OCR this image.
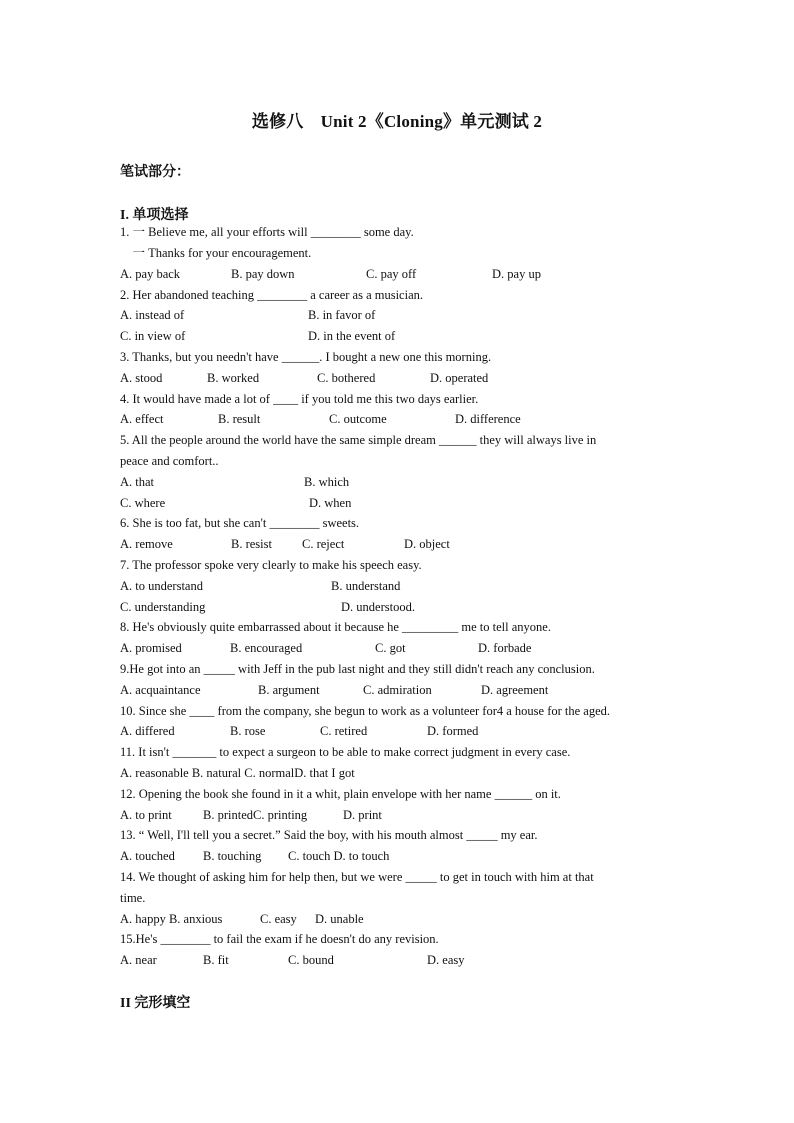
选修八　Unit 2《Cloning》单元测试 2
笔试部分：
I. 单项选择
1. 一 Believe me, all your efforts will ________ some day.
　一 Thanks for your encouragement.
A. pay back	B. pay down	C. pay off	D. pay up
2. Her abandoned teaching ________ a career as a musician.
A. instead of	B. in favor of
C. in view of	D. in the event of
3. Thanks, but you needn't have ______. I bought a new one this morning.
A. stood	B. worked	C. bothered	D. operated
4. It would have made a lot of ____ if you told me this two days earlier.
A. effect	B. result	C. outcome	D. difference
5. All the people around the world have the same simple dream ______ they will always live in
peace and comfort..
A. that	B. which
C. where	D. when
6. She is too fat, but she can't ________ sweets.
A. remove	B. resist C. reject	D. object
7. The professor spoke very clearly to make his speech easy.
A. to understand	B. understand
C. understanding	D. understood.
8. He's obviously quite embarrassed about it because he _________ me to tell anyone.
A. promised	B. encouraged	C. got	D. forbade
9.He got into an _____ with Jeff in the pub last night and they still didn't reach any conclusion.
A. acquaintance	B. argument	C. admiration	D. agreement
10. Since she ____ from the company, she begun to work as a volunteer for4 a house for the aged.
A. differed	B. rose	C. retired	D. formed
11. It isn't _______ to expect a surgeon to be able to make correct judgment in every case.
A. reasonable B. natural C. normalD. that I got
12. Opening the book she found in it a whit, plain envelope with her name ______ on it.
A. to print	B. printedC. printing	D. print
13. “ Well, I'll tell you a secret.” Said the boy, with his mouth almost _____ my ear.
A. touched B. touching C. touch D. to touch
14. We thought of asking him for help then, but we were _____ to get in touch with him at that
time.
A. happy B. anxious	C. easy D. unable
15.He's ________ to fail the exam if he doesn't do any revision.
A. near	B. fit	C. bound	D. easy
II 完形填空
